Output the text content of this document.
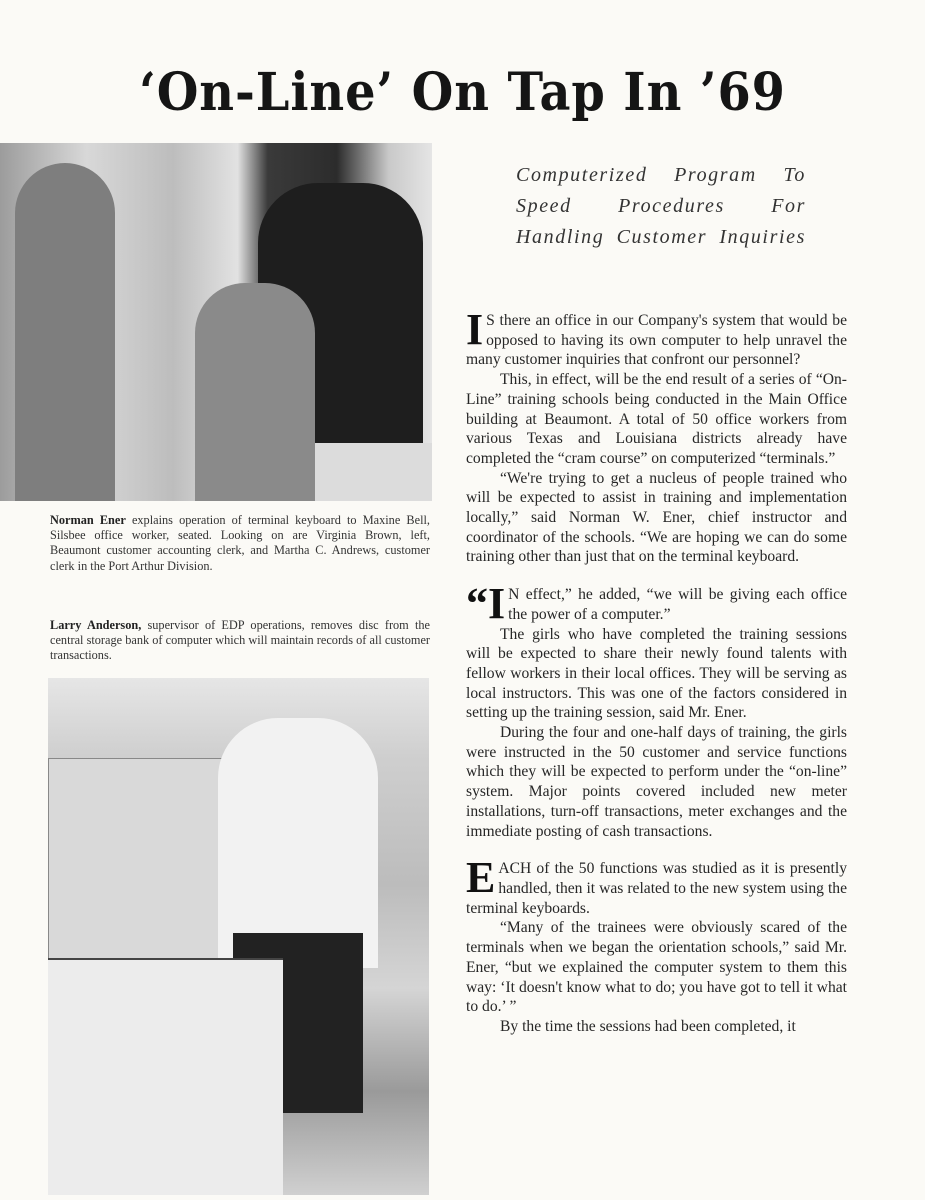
‘On-Line’ On Tap In ’69
Norman Ener explains operation of terminal keyboard to Maxine Bell, Silsbee office worker, seated. Looking on are Virginia Brown, left, Beaumont customer accounting clerk, and Martha C. Andrews, customer clerk in the Port Arthur Division.
Larry Anderson, supervisor of EDP operations, removes disc from the central storage bank of computer which will maintain records of all customer transactions.
Computerized Program To
Speed Procedures For
Handling Customer Inquiries

I S there an office in our Company's system that would be opposed to having its own computer to help unravel the many customer inquiries that confront our personnel?

This, in effect, will be the end result of a series of “On-Line” training schools being conducted in the Main Office building at Beaumont. A total of 50 office workers from various Texas and Louisiana districts already have completed the “cram course” on computerized “terminals.”

“We're trying to get a nucleus of people trained who will be expected to assist in training and implementation locally,” said Norman W. Ener, chief instructor and coordinator of the schools. “We are hoping we can do some training other than just that on the terminal keyboard.

“I N effect,” he added, “we will be giving each office the power of a computer.”

The girls who have completed the training sessions will be expected to share their newly found talents with fellow workers in their local offices. They will be serving as local instructors. This was one of the factors considered in setting up the training session, said Mr. Ener.

During the four and one-half days of training, the girls were instructed in the 50 customer and service functions which they will be expected to perform under the “on-line” system. Major points covered included new meter installations, turn-off transactions, meter exchanges and the immediate posting of cash transactions.

EACH of the 50 functions was studied as it is presently handled, then it was related to the new system using the terminal keyboards.

“Many of the trainees were obviously scared of the terminals when we began the orientation schools,” said Mr. Ener, “but we explained the computer system to them this way: ‘It doesn't know what to do; you have got to tell it what to do.’ ”

By the time the sessions had been completed, it
